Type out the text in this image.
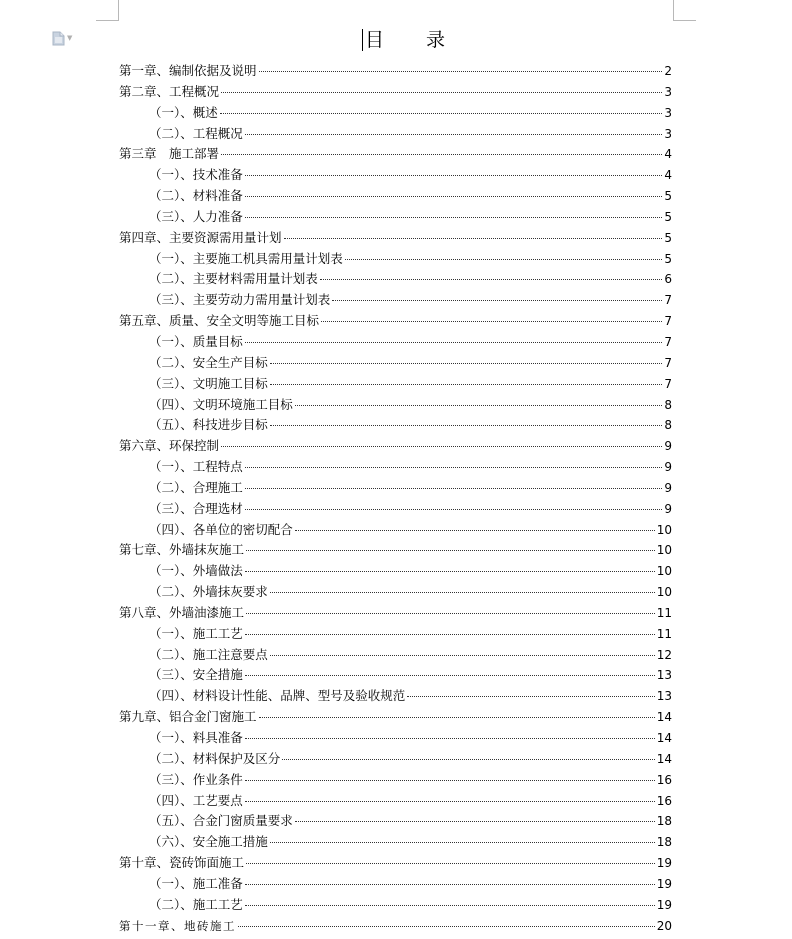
▼	目 录
第一章、编制依据及说明	2
第二章、工程概况	3
（一）、概述	3
（二）、工程概况	3
第三章　施工部署	4
（一）、技术准备	4
（二）、材料准备	5
（三）、人力准备	5
第四章、主要资源需用量计划	5
（一）、主要施工机具需用量计划表	5
（二）、主要材料需用量计划表	6
（三）、主要劳动力需用量计划表	7
第五章、质量、安全文明等施工目标	7
（一）、质量目标	7
（二）、安全生产目标	7
（三）、文明施工目标	7
（四）、文明环境施工目标	8
（五）、科技进步目标	8
第六章、环保控制	9
（一）、工程特点	9
（二）、合理施工	9
（三）、合理选材	9
（四）、各单位的密切配合	10
第七章、外墙抹灰施工	10
（一）、外墙做法	10
（二）、外墙抹灰要求	10
第八章、外墙油漆施工	11
（一）、施工工艺	11
（二）、施工注意要点	12
（三）、安全措施	13
（四）、材料设计性能、品牌、型号及验收规范	13
第九章、铝合金门窗施工	14
（一）、料具准备	14
（二）、材料保护及区分	14
（三）、作业条件	16
（四）、工艺要点	16
（五）、合金门窗质量要求	18
（六）、安全施工措施	18
第十章、瓷砖饰面施工	19
（一）、施工准备	19
（二）、施工工艺	19
第十一章、地砖施工	20
